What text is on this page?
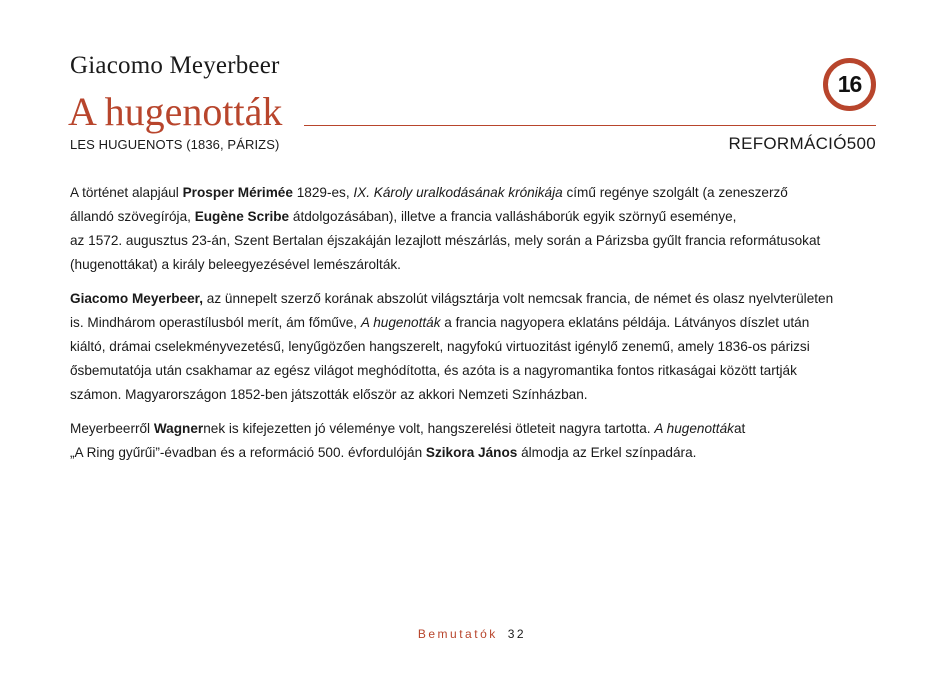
Giacomo Meyerbeer
A hugenották
LES HUGUENOTS (1836, PÁRIZS)	REFORMÁCIÓ500
16

A történet alapjául Prosper Mérimée 1829-es, IX. Károly uralkodásának krónikája című regénye szolgált (a zeneszerző
állandó szövegírója, Eugène Scribe átdolgozásában), illetve a francia vallásháborúk egyik szörnyű eseménye,
az 1572. augusztus 23-án, Szent Bertalan éjszakáján lezajlott mészárlás, mely során a Párizsba gyűlt francia reformátusokat
(hugenottákat) a király beleegyezésével lemészárolták.

Giacomo Meyerbeer, az ünnepelt szerző korának abszolút világsztárja volt nemcsak francia, de német és olasz nyelvterületen
is. Mindhárom operastílusból merít, ám főműve, A hugenották a francia nagyopera eklatáns példája. Látványos díszlet után
kiáltó, drámai cselekményvezetésű, lenyűgözően hangszerelt, nagyfokú virtuozitást igénylő zenemű, amely 1836-os párizsi
ősbemutatója után csakhamar az egész világot meghódította, és azóta is a nagyromantika fontos ritkaságai között tartják
számon. Magyarországon 1852-ben játszották először az akkori Nemzeti Színházban.

Meyerbeerről Wagnernek is kifejezetten jó véleménye volt, hangszerelési ötleteit nagyra tartotta. A hugenottákat
„A Ring gyűrűi”-évadban és a reformáció 500. évfordulóján Szikora János álmodja az Erkel színpadára.

Bemutatók 32
